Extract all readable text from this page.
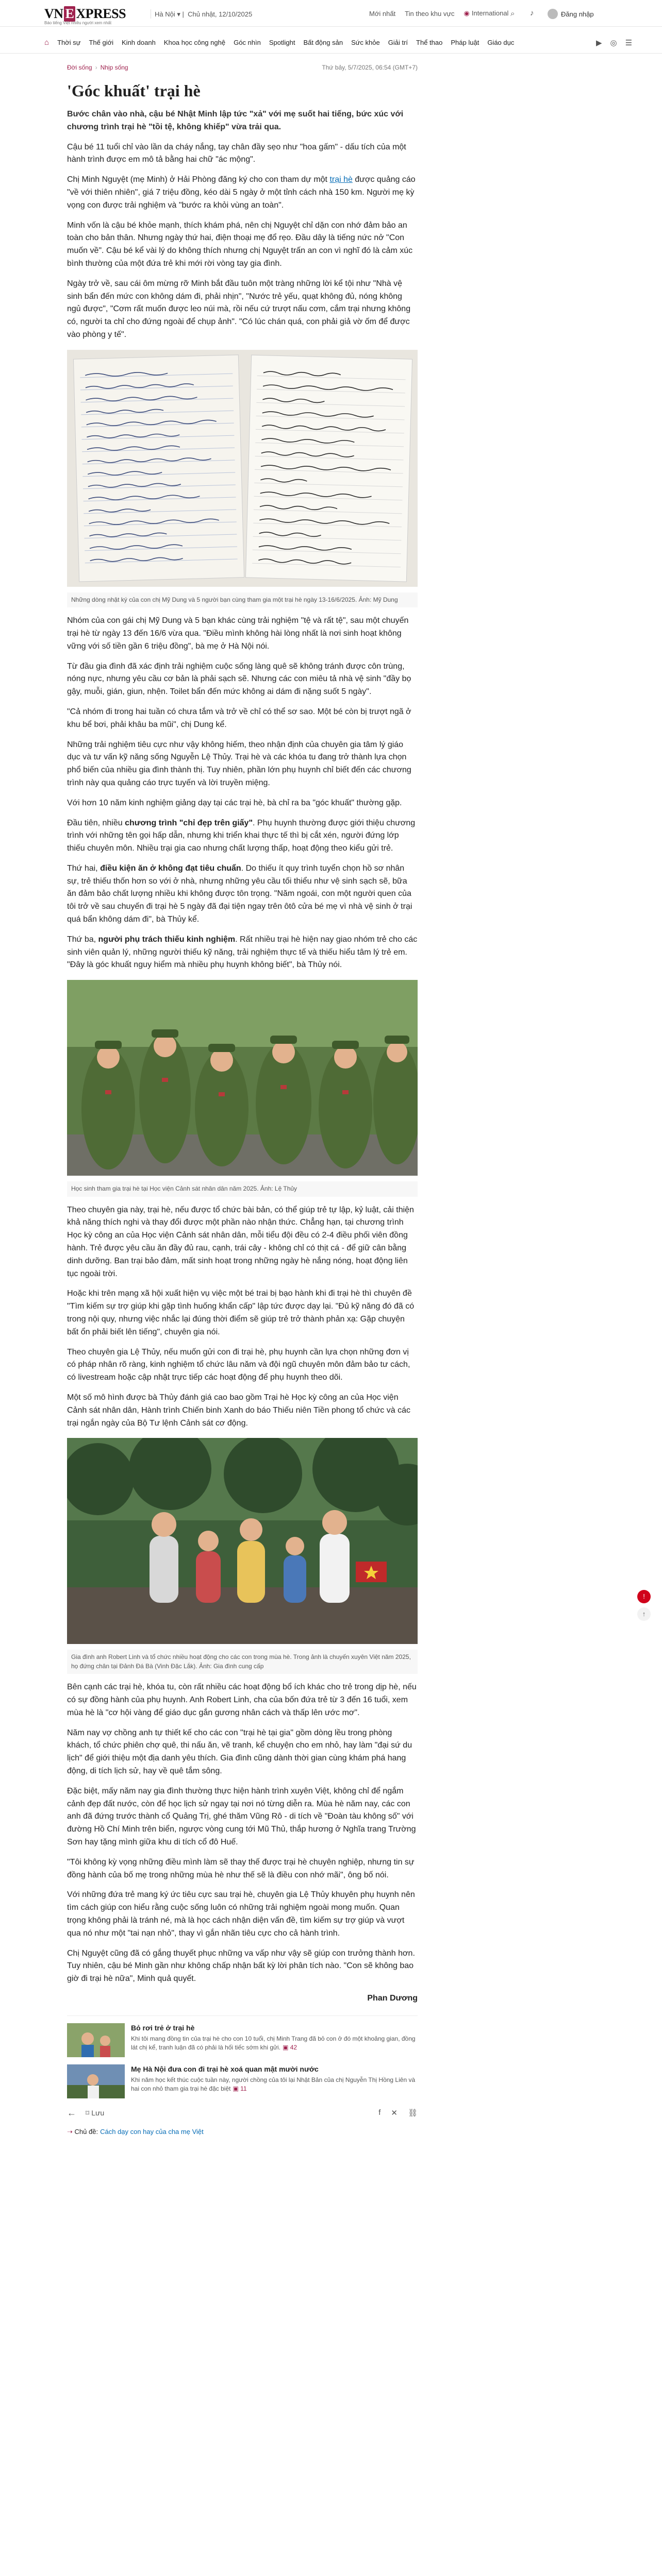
VN E XPRESS
Báo tiếng Việt nhiều người xem nhất
Hà Nội ▾ |  Chủ nhật, 12/10/2025	Mới nhất Tin theo khu vực ◉ International ⌕ ♪	Đăng nhập
⌂ Thời sự Thế giới Kinh doanh Khoa học công nghệ Góc nhìn Spotlight Bất động sản Sức khỏe Giải trí Thể thao Pháp luật Giáo dục	▶ ◎ ☰
Đời sống › Nhịp sống	Thứ bảy, 5/7/2025, 06:54 (GMT+7)
'Góc khuất' trại hè

Bước chân vào nhà, cậu bé Nhật Minh lập tức "xả" với mẹ suốt hai tiếng, bức xúc với chương trình trại hè "tồi tệ, không khiếp" vừa trải qua.

Cậu bé 11 tuổi chỉ vào lần da cháy nắng, tay chân đầy sẹo như "hoa gấm" - dấu tích của một hành trình được em mô tả bằng hai chữ "ác mộng".

Chị Minh Nguyệt (mẹ Minh) ở Hải Phòng đăng ký cho con tham dự một trại hè được quảng cáo "về với thiên nhiên", giá 7 triệu đồng, kéo dài 5 ngày ở một tỉnh cách nhà 150 km. Người mẹ kỳ vọng con được trải nghiệm và "bước ra khỏi vùng an toàn".

Minh vốn là cậu bé khỏe mạnh, thích khám phá, nên chị Nguyệt chỉ dặn con nhớ đảm bảo an toàn cho bản thân. Nhưng ngày thứ hai, điện thoại mẹ đổ rẹo. Đầu dây là tiếng nức nở "Con muốn về". Cậu bé kể vài lý do không thích nhưng chị Nguyệt trấn an con vì nghĩ đó là cảm xúc bình thường của một đứa trẻ khi mới rời vòng tay gia đình.

Ngày trở về, sau cái ôm mừng rỡ Minh bắt đầu tuôn một tràng những lời kể tội như "Nhà vệ sinh bẩn đến mức con không dám đi, phải nhịn", "Nước trẻ yếu, quạt không đủ, nóng không ngủ được", "Cơm rất muốn được leo núi mà, rồi nếu cứ trượt nấu cơm, cắm trại nhưng không có, người ta chỉ cho đứng ngoài để chụp ảnh". "Có lúc chán quá, con phải giả vờ ốm để được vào phòng y tế".

Những dòng nhật ký của con chị Mỹ Dung và 5 người bạn cùng tham gia một trại hè ngày 13-16/6/2025. Ảnh: Mỹ Dung

Nhóm của con gái chị Mỹ Dung và 5 bạn khác cùng trải nghiệm "tệ và rất tệ", sau một chuyến trại hè từ ngày 13 đến 16/6 vừa qua. "Điều mình không hài lòng nhất là nơi sinh hoạt không vững với số tiền gần 6 triệu đồng", bà mẹ ở Hà Nội nói.

Từ đầu gia đình đã xác định trải nghiệm cuộc sống làng quê sẽ không tránh được côn trùng, nóng nực, nhưng yêu cầu cơ bản là phải sạch sẽ. Nhưng các con miêu tả nhà vệ sinh "đầy bọ gậy, muỗi, gián, giun, nhện. Toilet bẩn đến mức không ai dám đi nặng suốt 5 ngày".

"Cả nhóm đi trong hai tuần có chưa tắm và trở về chỉ có thể sơ sao. Một bé còn bị trượt ngã ở khu bể bơi, phải khâu ba mũi", chị Dung kể.

Những trải nghiệm tiêu cực như vậy không hiếm, theo nhận định của chuyên gia tâm lý giáo dục và tư vấn kỹ năng sống Nguyễn Lệ Thủy. Trại hè và các khóa tu đang trở thành lựa chọn phổ biến của nhiều gia đình thành thị. Tuy nhiên, phần lớn phụ huynh chỉ biết đến các chương trình này qua quảng cáo trực tuyến và lời truyền miệng.

Với hơn 10 năm kinh nghiệm giảng dạy tại các trại hè, bà chỉ ra ba "góc khuất" thường gặp.

Đầu tiên, nhiều chương trình "chỉ đẹp trên giấy". Phụ huynh thường được giới thiệu chương trình với những tên gọi hấp dẫn, nhưng khi triển khai thực tế thì bị cắt xén, người đứng lớp thiếu chuyên môn. Nhiều trại gia cao nhưng chất lượng thấp, hoạt động theo kiểu gửi trẻ.

Thứ hai, điều kiện ăn ở không đạt tiêu chuẩn. Do thiếu ít quy trình tuyển chọn hồ sơ nhân sự, trẻ thiếu thốn hơn so với ở nhà, nhưng những yêu cầu tối thiểu như vệ sinh sạch sẽ, bữa ăn đảm bảo chất lượng nhiều khi không được tôn trọng. "Năm ngoái, con một người quen của tôi trở về sau chuyến đi trại hè 5 ngày đã đại tiện ngay trên ôtô cửa bé mẹ vì nhà vệ sinh ở trại quá bẩn không dám đi", bà Thủy kể.

Thứ ba, người phụ trách thiếu kinh nghiệm. Rất nhiều trại hè hiện nay giao nhóm trẻ cho các sinh viên quản lý, những người thiếu kỹ năng, trải nghiệm thực tế và thiếu hiểu tâm lý trẻ em. "Đây là góc khuất nguy hiểm mà nhiều phụ huynh không biết", bà Thủy nói.

Học sinh tham gia trại hè tại Học viện Cảnh sát nhân dân năm 2025. Ảnh: Lệ Thủy

Theo chuyên gia này, trại hè, nếu được tổ chức bài bản, có thể giúp trẻ tự lập, kỷ luật, cải thiện khả năng thích nghi và thay đổi được một phần nào nhận thức. Chẳng hạn, tại chương trình Học kỳ công an của Học viện Cảnh sát nhân dân, mỗi tiểu đội đều có 2-4 điều phối viên đồng hành. Trẻ được yêu cầu ăn đầy đủ rau, cạnh, trái cây - không chỉ có thịt cá - để giữ cân bằng dinh dưỡng. Ban trại bảo đảm, mất sinh hoạt trong những ngày hè nắng nóng, hoạt động liên tục ngoài trời.

Hoặc khi trên mạng xã hội xuất hiện vụ việc một bé trai bị bạo hành khi đi trại hè thì chuyên đề "Tìm kiếm sự trợ giúp khi gặp tình huống khẩn cấp" lập tức được dạy lại. "Đủ kỹ năng đó đã có trong nội quy, nhưng việc nhắc lại đúng thời điểm sẽ giúp trẻ trở thành phản xạ: Gặp chuyện bất ổn phải biết lên tiếng", chuyên gia nói.

Theo chuyên gia Lệ Thủy, nếu muốn gửi con đi trại hè, phụ huynh cần lựa chọn những đơn vị có pháp nhân rõ ràng, kinh nghiệm tổ chức lâu năm và đội ngũ chuyên môn đảm bảo tư cách, có livestream hoặc cập nhật trực tiếp các hoạt động để phụ huynh theo dõi.

Một số mô hình được bà Thủy đánh giá cao bao gồm Trại hè Học kỳ công an của Học viện Cảnh sát nhân dân, Hành trình Chiến binh Xanh do báo Thiếu niên Tiền phong tổ chức và các trại ngắn ngày của Bộ Tư lệnh Cảnh sát cơ động.

Gia đình anh Robert Linh và tổ chức nhiều hoạt động cho các con trong mùa hè. Trong ảnh là chuyến xuyên Việt năm 2025, họ đứng chân tại Đảnh Đá Bà (Vinh Đặc Lắk). Ảnh: Gia đình cung cấp

Bên cạnh các trại hè, khóa tu, còn rất nhiều các hoạt động bổ ích khác cho trẻ trong dịp hè, nếu có sự đồng hành của phụ huynh. Anh Robert Linh, cha của bốn đứa trẻ từ 3 đến 16 tuổi, xem mùa hè là "cơ hội vàng để giáo dục gắn gương nhân cách và thấp lên ước mơ".

Năm nay vợ chồng anh tự thiết kế cho các con "trại hè tại gia" gồm dòng lều trong phòng khách, tổ chức phiên chợ quê, thi nấu ăn, vẽ tranh, kể chuyện cho em nhỏ, hay làm "đại sứ du lịch" để giới thiệu một địa danh yêu thích. Gia đình cũng dành thời gian cùng khám phá hang động, di tích lịch sử, hay về quê tắm sông.

Đặc biệt, mấy năm nay gia đình thường thực hiện hành trình xuyên Việt, không chỉ để ngắm cảnh đẹp đất nước, còn để học lịch sử ngay tại nơi nó từng diễn ra. Mùa hè năm nay, các con anh đã đứng trước thành cổ Quảng Trị, ghé thăm Vũng Rô - di tích về "Đoàn tàu không số" với đường Hồ Chí Minh trên biển, ngược vòng cung tới Mũ Thủ, thắp hương ở Nghĩa trang Trường Sơn hay tặng mình giữa khu di tích cổ đô Huế.

"Tôi không kỳ vọng những điều mình làm sẽ thay thế được trại hè chuyên nghiệp, nhưng tin sự đồng hành của bố mẹ trong những mùa hè như thế sẽ là điều con nhớ mãi", ông bố nói.

Với những đứa trẻ mang ký ức tiêu cực sau trại hè, chuyên gia Lệ Thủy khuyên phụ huynh nên tìm cách giúp con hiểu rằng cuộc sống luôn có những trải nghiệm ngoài mong muốn. Quan trọng không phải là tránh né, mà là học cách nhận diện vấn đề, tìm kiếm sự trợ giúp và vượt qua nó như một "tai nạn nhỏ", thay vì gắn nhãn tiêu cực cho cả hành trình.

Chị Nguyệt cũng đã có gắng thuyết phục những va vấp như vậy sẽ giúp con trưởng thành hơn. Tuy nhiên, cậu bé Minh gần như không chấp nhận bất kỳ lời phân tích nào. "Con sẽ không bao giờ đi trại hè nữa", Minh quả quyết.

Phan Dương
Bỏ rơi trẻ ở trại hè
Khi tôi mang đồng tin của trại hè cho con 10 tuổi, chị Minh Trang đã bỏ con ở đó một khoảng gian, đồng lát chị kể, tranh luận đã có phải là hối tiếc sớm khi gửi. ▣ 42
Mẹ Hà Nội đưa con đi trại hè xoá quan mật mười nước
Khi năm học kết thúc cuộc tuần này, người chồng của tôi lại Nhật Bản của chị Nguyễn Thị Hồng Liên và hai con nhỏ tham gia trại hè đặc biệt ▣ 11
← ⌑ Lưu	f ✕ ⛓
➝ Chủ đề: Cách dạy con hay của cha mẹ Việt
!
↑
